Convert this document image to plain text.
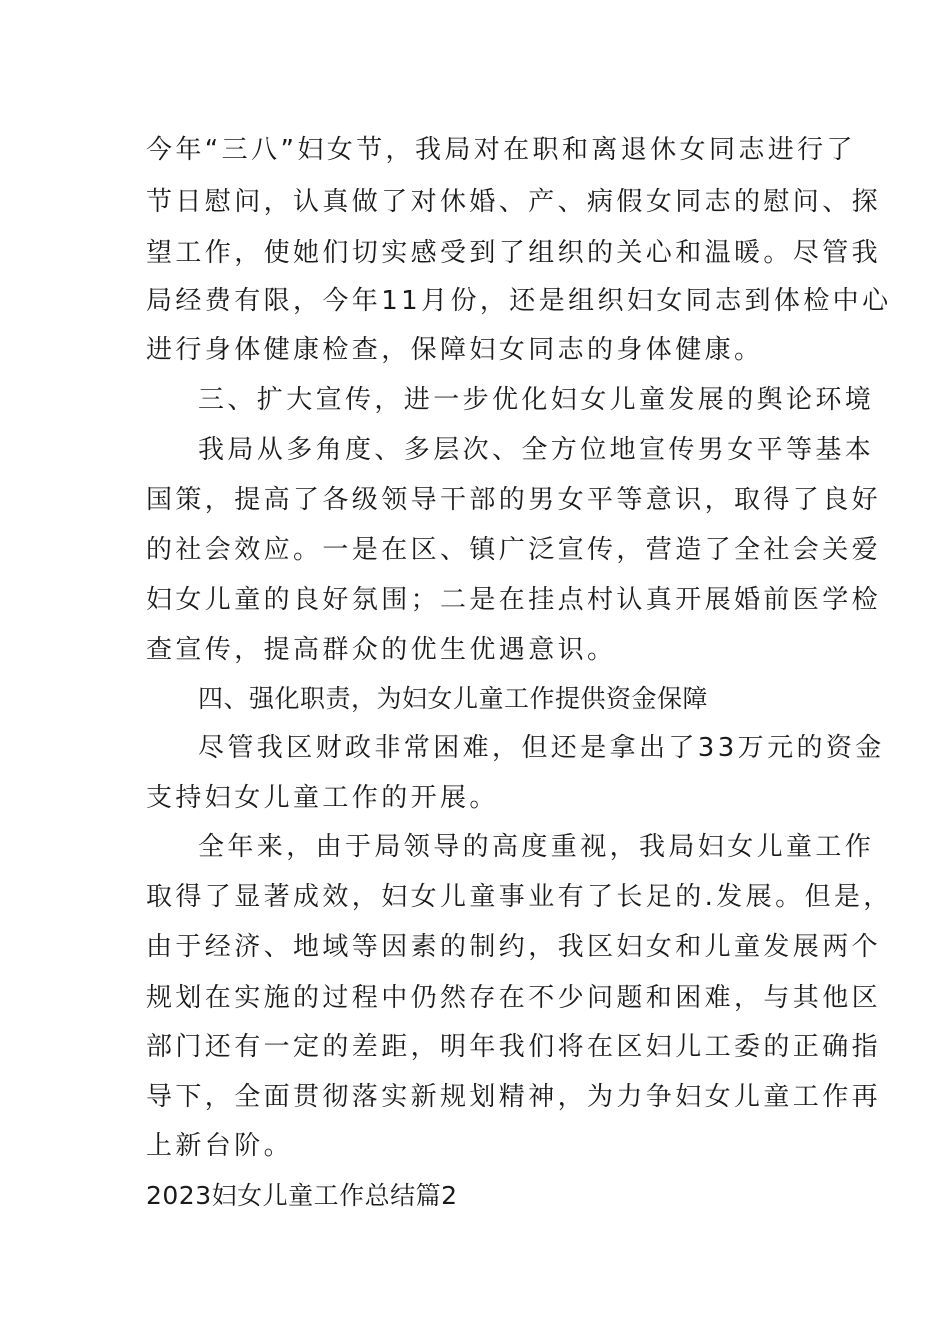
今年“三八”妇女节，我局对在职和离退休女同志进行了
节日慰问，认真做了对休婚、产、病假女同志的慰问、探
望工作，使她们切实感受到了组织的关心和温暖。尽管我
局经费有限，今年11月份，还是组织妇女同志到体检中心
进行身体健康检查，保障妇女同志的身体健康。
三、扩大宣传，进一步优化妇女儿童发展的舆论环境
我局从多角度、多层次、全方位地宣传男女平等基本
国策，提高了各级领导干部的男女平等意识，取得了良好
的社会效应。一是在区、镇广泛宣传，营造了全社会关爱
妇女儿童的良好氛围；二是在挂点村认真开展婚前医学检
查宣传，提高群众的优生优遇意识。
四、强化职责，为妇女儿童工作提供资金保障
尽管我区财政非常困难，但还是拿出了33万元的资金
支持妇女儿童工作的开展。
全年来，由于局领导的高度重视，我局妇女儿童工作
取得了显著成效，妇女儿童事业有了长足的.发展。但是，
由于经济、地域等因素的制约，我区妇女和儿童发展两个
规划在实施的过程中仍然存在不少问题和困难，与其他区
部门还有一定的差距，明年我们将在区妇儿工委的正确指
导下，全面贯彻落实新规划精神，为力争妇女儿童工作再
上新台阶。
2023妇女儿童工作总结篇2
